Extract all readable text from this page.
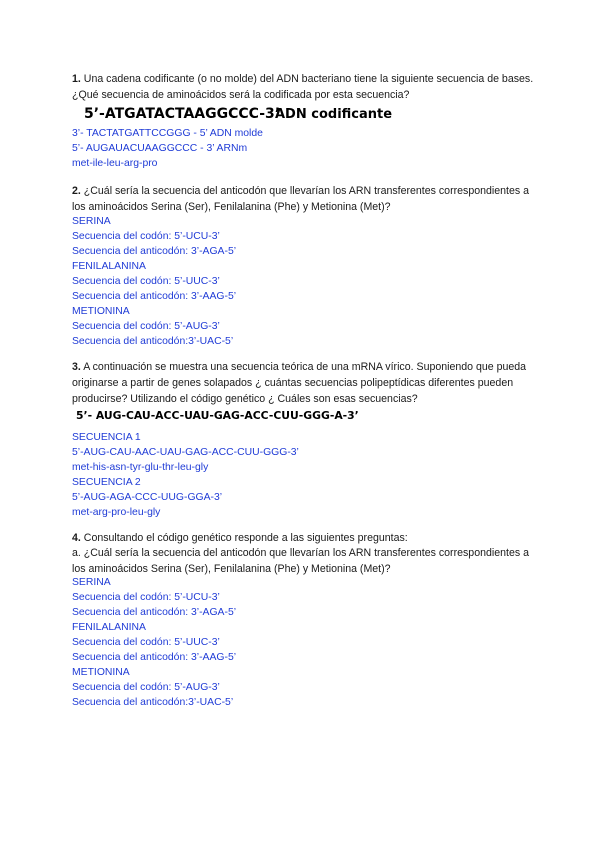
1. Una cadena codificante (o no molde) del ADN bacteriano tiene la siguiente secuencia de bases. ¿Qué secuencia de aminoácidos será la codificada por esta secuencia?
5’-ATGATACTAAGGCCC-3’
ADN codificante
3’- TACTATGATTCCGGG - 5’ ADN molde
5’- AUGAUACUAAGGCCC - 3’ ARNm
met-ile-leu-arg-pro
2. ¿Cuál sería la secuencia del anticodón que llevarían los ARN transferentes correspondientes a los aminoácidos Serina (Ser), Fenilalanina (Phe) y Metionina (Met)?
SERINA
Secuencia del codón: 5’-UCU-3’
Secuencia del anticodón: 3’-AGA-5’
FENILALANINA
Secuencia del codón: 5’-UUC-3’
Secuencia del anticodón: 3’-AAG-5’
METIONINA
Secuencia del codón: 5’-AUG-3’
Secuencia del anticodón:3’-UAC-5’
3. A continuación se muestra una secuencia teórica de una mRNA vírico. Suponiendo que pueda originarse a partir de genes solapados ¿ cuántas secuencias polipeptídicas diferentes pueden producirse? Utilizando el código genético ¿ Cuáles son esas secuencias?
5’- AUG-CAU-ACC-UAU-GAG-ACC-CUU-GGG-A-3’
SECUENCIA 1
5’-AUG-CAU-AAC-UAU-GAG-ACC-CUU-GGG-3’
met-his-asn-tyr-glu-thr-leu-gly
SECUENCIA 2
5’-AUG-AGA-CCC-UUG-GGA-3’
met-arg-pro-leu-gly
4. Consultando el código genético responde a las siguientes preguntas:
a. ¿Cuál sería la secuencia del anticodón que llevarían los ARN transferentes correspondientes a los aminoácidos Serina (Ser), Fenilalanina (Phe) y Metionina (Met)?
SERINA
Secuencia del codón: 5’-UCU-3’
Secuencia del anticodón: 3’-AGA-5’
FENILALANINA
Secuencia del codón: 5’-UUC-3’
Secuencia del anticodón: 3’-AAG-5’
METIONINA
Secuencia del codón: 5’-AUG-3’
Secuencia del anticodón:3’-UAC-5’
